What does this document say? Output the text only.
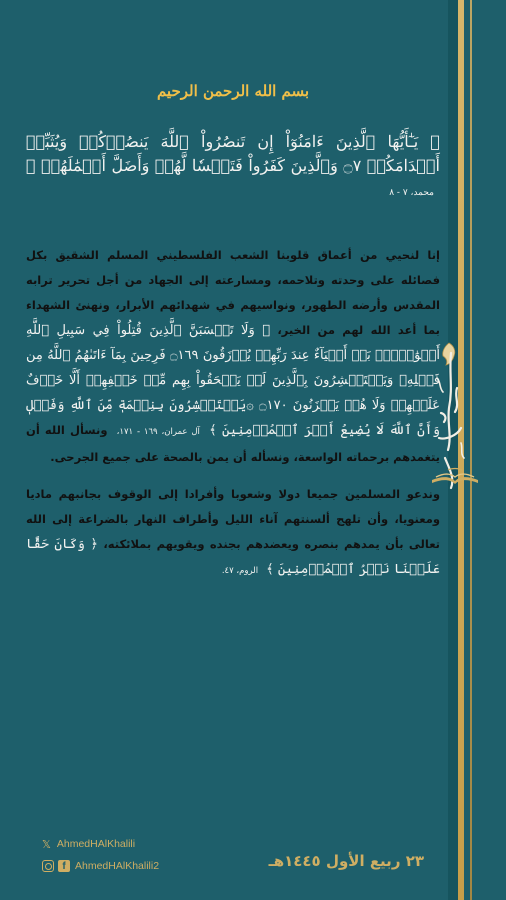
بسم الله الرحمن الرحيم

﴿ يَـٰٓأَيُّهَا ٱلَّذِينَ ءَامَنُوٓاْ إِن تَنصُرُواْ ٱللَّهَ يَنصُرۡكُمۡ وَيُثَبِّتۡ أَقۡدَامَكُمۡ ۝٧ وَٱلَّذِينَ كَفَرُواْ فَتَعۡسٗا لَّهُمۡ وَأَضَلَّ أَعۡمَٰلَهُمۡ ﴾ محمد، ٧ - ٨

إنا لنحيي من أعماق قلوبنا الشعب الفلسطيني المسلم الشقيق بكل فصائله على وحدته وتلاحمه، ومسارعته إلى الجهاد من أجل تحرير ترابه المقدس وأرضه الطهور، ونواسيهم في شهدائهم الأبرار، ونهنئ الشهداء بما أعد الله لهم من الخير، ﴿ وَلَا تَحۡسَبَنَّ ٱلَّذِينَ قُتِلُواْ فِي سَبِيلِ ٱللَّهِ أَمۡوَٰتَۢاۚ بَلۡ أَحۡيَآءٌ عِندَ رَبِّهِمۡ يُرۡزَقُونَ ۝١٦٩ فَرِحِينَ بِمَآ ءَاتَىٰهُمُ ٱللَّهُ مِن فَضۡلِهِۦ وَيَسۡتَبۡشِرُونَ بِٱلَّذِينَ لَمۡ يَلۡحَقُواْ بِهِم مِّنۡ خَلۡفِهِمۡ أَلَّا خَوۡفٌ عَلَيۡهِمۡ وَلَا هُمۡ يَحۡزَنُونَ ۝١٧٠ ۞يَسۡتَبۡشِرُونَ بِنِعۡمَةٖ مِّنَ ٱللَّهِ وَفَضۡلٖ وَأَنَّ ٱللَّهَ لَا يُضِيعُ أَجۡرَ ٱلۡمُؤۡمِنِينَ ﴾ آل عمران، ١٦٩ - ١٧١، ونسأل الله أن يتغمدهم برحماته الواسعة، ونسأله أن يمن بالصحة على جميع الجرحى.

وندعو المسلمين جميعا دولا وشعوبا وأفرادا إلى الوقوف بجانبهم ماديا ومعنويا، وأن تلهج ألسنتهم آناء الليل وأطراف النهار بالضراعة إلى الله تعالى بأن يمدهم بنصره ويعضدهم بجنده ويقويهم بملائكته، ﴿ وَكَانَ حَقًّا عَلَيۡنَا نَصۡرُ ٱلۡمُؤۡمِنِينَ ﴾ الروم، ٤٧.

𝕏 AhmedHAlKhalili
f AhmedHAlKhalili2	٢٣ ربيع الأول ١٤٤٥هـ
